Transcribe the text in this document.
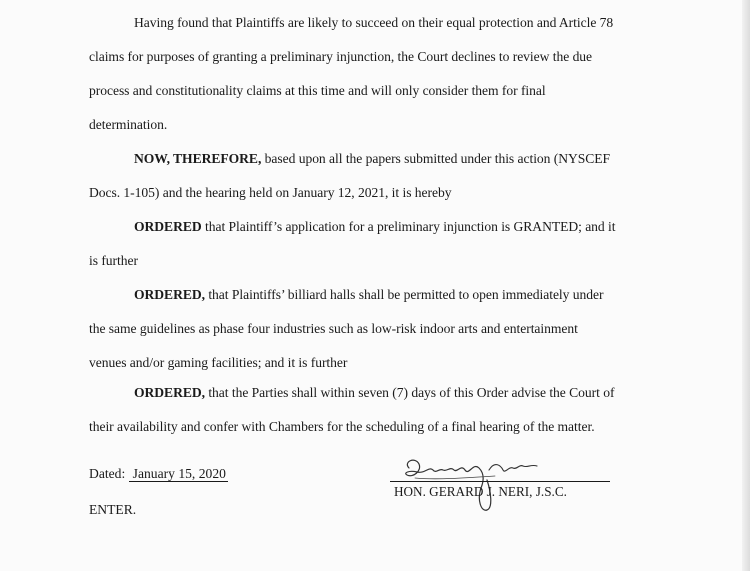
Having found that Plaintiffs are likely to succeed on their equal protection and Article 78
claims for purposes of granting a preliminary injunction, the Court declines to review the due
process and constitutionality claims at this time and will only consider them for final
determination.
NOW, THEREFORE, based upon all the papers submitted under this action (NYSCEF
Docs. 1-105) and the hearing held on January 12, 2021, it is hereby
ORDERED that Plaintiff’s application for a preliminary injunction is GRANTED; and it
is further
ORDERED, that Plaintiffs’ billiard halls shall be permitted to open immediately under
the same guidelines as phase four industries such as low-risk indoor arts and entertainment
venues and/or gaming facilities; and it is further
ORDERED, that the Parties shall within seven (7) days of this Order advise the Court of
their availability and confer with Chambers for the scheduling of a final hearing of the matter.
Dated: January 15, 2020
HON. GERARD J. NERI, J.S.C.
ENTER.
